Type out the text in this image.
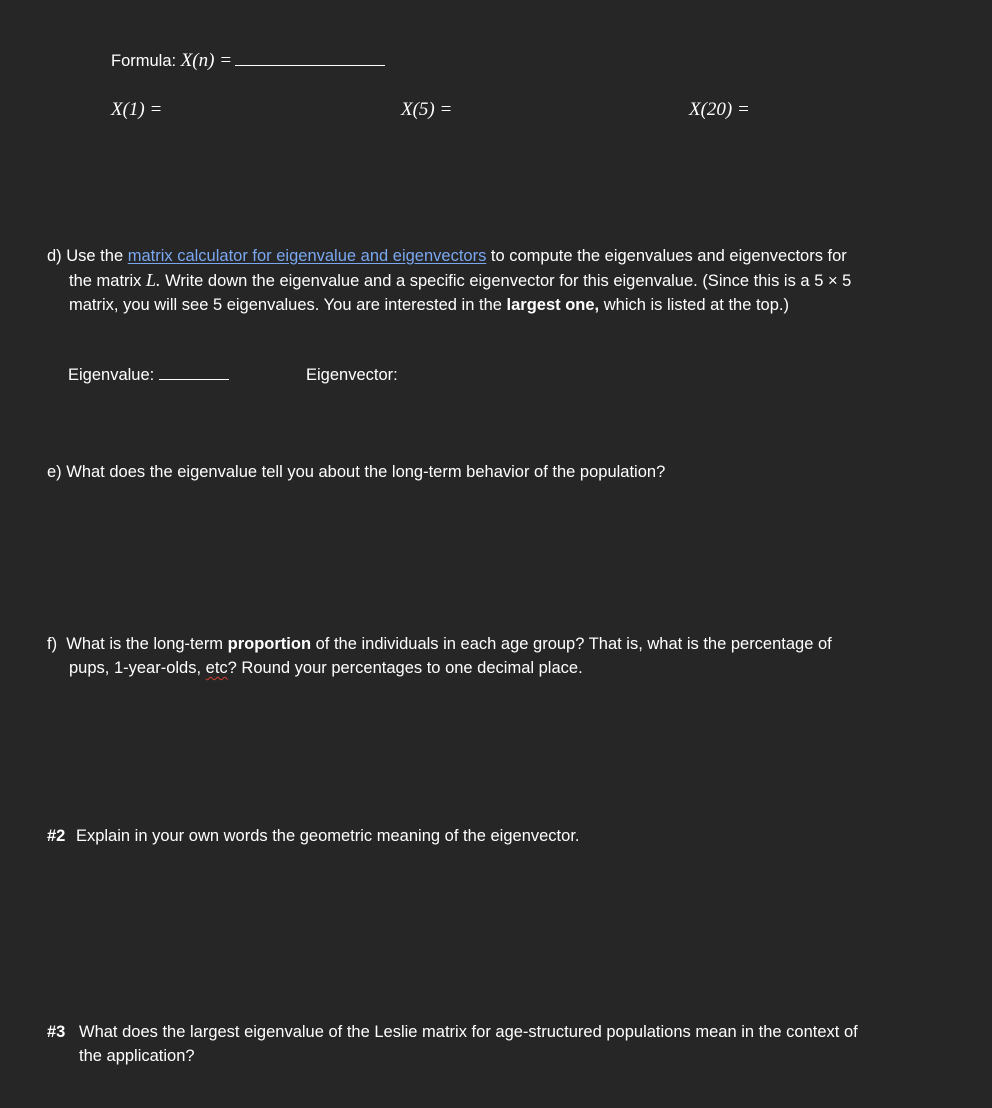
Formula: X(n) =
X(1) =	X(5) =	X(20) =
d) Use the matrix calculator for eigenvalue and eigenvectors to compute the eigenvalues and eigenvectors for
the matrix L. Write down the eigenvalue and a specific eigenvector for this eigenvalue. (Since this is a 5 × 5
matrix, you will see 5 eigenvalues. You are interested in the largest one, which is listed at the top.)
Eigenvalue:	Eigenvector:
e) What does the eigenvalue tell you about the long-term behavior of the population?
f)  What is the long-term proportion of the individuals in each age group? That is, what is the percentage of
pups, 1-year-olds, etc? Round your percentages to one decimal place.
#2 Explain in your own words the geometric meaning of the eigenvector.
#3 What does the largest eigenvalue of the Leslie matrix for age-structured populations mean in the context of
the application?
